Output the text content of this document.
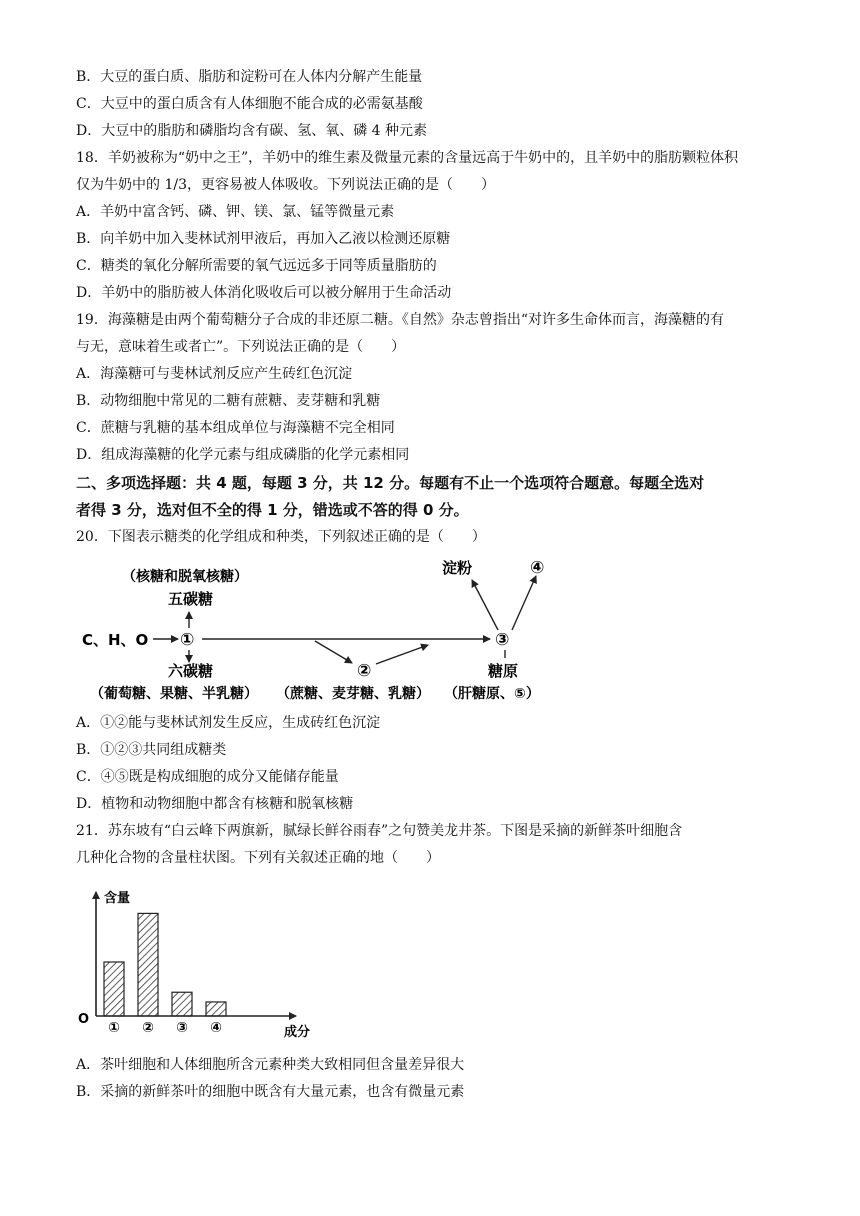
B．大豆的蛋白质、脂肪和淀粉可在人体内分解产生能量
C．大豆中的蛋白质含有人体细胞不能合成的必需氨基酸
D．大豆中的脂肪和磷脂均含有碳、氢、氧、磷 4 种元素
18．羊奶被称为“奶中之王”，羊奶中的维生素及微量元素的含量远高于牛奶中的，且羊奶中的脂肪颗粒体积
仅为牛奶中的 1/3，更容易被人体吸收。下列说法正确的是（　　）
A．羊奶中富含钙、磷、钾、镁、氯、锰等微量元素
B．向羊奶中加入斐林试剂甲液后，再加入乙液以检测还原糖
C．糖类的氧化分解所需要的氧气远远多于同等质量脂肪的
D．羊奶中的脂肪被人体消化吸收后可以被分解用于生命活动
19．海藻糖是由两个葡萄糖分子合成的非还原二糖。《自然》杂志曾指出“对许多生命体而言，海藻糖的有
与无，意味着生或者亡”。下列说法正确的是（　　）
A．海藻糖可与斐林试剂反应产生砖红色沉淀
B．动物细胞中常见的二糖有蔗糖、麦芽糖和乳糖
C．蔗糖与乳糖的基本组成单位与海藻糖不完全相同
D．组成海藻糖的化学元素与组成磷脂的化学元素相同
二、多项选择题：共 4 题，每题 3 分，共 12 分。每题有不止一个选项符合题意。每题全选对
者得 3 分，选对但不全的得 1 分，错选或不答的得 0 分。
20．下图表示糖类的化学组成和种类，下列叙述正确的是（　　）
（核糖和脱氧核糖）
五碳糖
C、H、O ①
②
③
淀粉	④
六碳糖	糖原
（葡萄糖、果糖、半乳糖） （蔗糖、麦芽糖、乳糖） （肝糖原、⑤）
A．①②能与斐林试剂发生反应，生成砖红色沉淀
B．①②③共同组成糖类
C．④⑤既是构成细胞的成分又能储存能量
D．植物和动物细胞中都含有核糖和脱氧核糖
21．苏东坡有“白云峰下两旗新，腻绿长鲜谷雨春”之句赞美龙井茶。下图是采摘的新鲜茶叶细胞含
几种化合物的含量柱状图。下列有关叙述正确的地（　　）
含量
成分
O
① ② ③ ④
A．茶叶细胞和人体细胞所含元素种类大致相同但含量差异很大
B．采摘的新鲜茶叶的细胞中既含有大量元素，也含有微量元素
